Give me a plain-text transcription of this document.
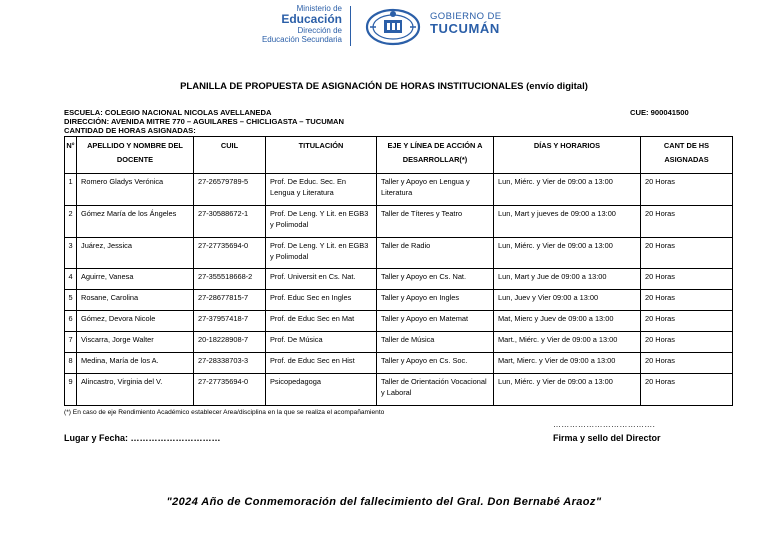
Ministerio de
Educación
Dirección de
Educación Secundaria
GOBIERNO DE
TUCUMÁN
PLANILLA DE PROPUESTA DE ASIGNACIÓN DE HORAS INSTITUCIONALES (envío digital)
ESCUELA: COLEGIO NACIONAL NICOLAS AVELLANEDA
DIRECCIÓN: AVENIDA MITRE 770 – AGUILARES – CHICLIGASTA – TUCUMAN
CANTIDAD DE HORAS ASIGNADAS:
CUE: 900041500
N°	APELLIDO Y NOMBRE DEL DOCENTE	CUIL	TITULACIÓN	EJE Y LÍNEA DE ACCIÓN A DESARROLLAR(*)	DÍAS Y HORARIOS	CANT DE HS ASIGNADAS
1	Romero Gladys Verónica	27-26579789-5	Prof. De Educ. Sec. En Lengua y Literatura	Taller y Apoyo en Lengua y Literatura	Lun, Miérc. y Vier de 09:00 a 13:00	20 Horas
2	Gómez María de los Ángeles	27-30588672-1	Prof. De Leng. Y Lit. en EGB3 y Polimodal	Taller de Títeres y Teatro	Lun, Mart y jueves de 09:00 a 13:00	20 Horas
3	Juárez, Jessica	27-27735694-0	Prof. De Leng. Y Lit. en EGB3 y Polimodal	Taller de Radio	Lun, Miérc. y Vier de 09:00 a 13:00	20 Horas
4	Aguirre, Vanesa	27-355518668-2	Prof. Universit en Cs. Nat.	Taller y Apoyo en Cs. Nat.	Lun, Mart y Jue de 09:00 a 13:00	20 Horas
5	Rosane, Carolina	27-28677815-7	Prof. Educ Sec en Ingles	Taller y Apoyo en Ingles	Lun, Juev y Vier 09:00 a 13:00	20 Horas
6	Gómez, Devora Nicole	27-37957418-7	Prof. de Educ Sec en Mat	Taller y Apoyo en Matemat	Mat, Mierc y Juev de 09:00 a 13:00	20 Horas
7	Viscarra, Jorge Walter	20-18228908-7	Prof. De Música	Taller de Música	Mart., Miérc. y Vier de 09:00 a 13:00	20 Horas
8	Medina, María de los A.	27-28338703-3	Prof. de Educ Sec en Hist	Taller y Apoyo en Cs. Soc.	Mart, Mierc. y Vier de 09:00 a 13:00	20 Horas
9	Alincastro, Virginia del V.	27-27735694-0	Psicopedagoga	Taller de Orientación Vocacional y Laboral	Lun, Miérc. y Vier de 09:00 a 13:00	20 Horas
(*) En caso de eje Rendimiento Académico establecer Area/disciplina en la que se realiza el acompañamiento
Lugar y Fecha: …………………………
……………………………….
Firma y sello del Director
"2024 Año de Conmemoración del fallecimiento del Gral. Don Bernabé Araoz"
